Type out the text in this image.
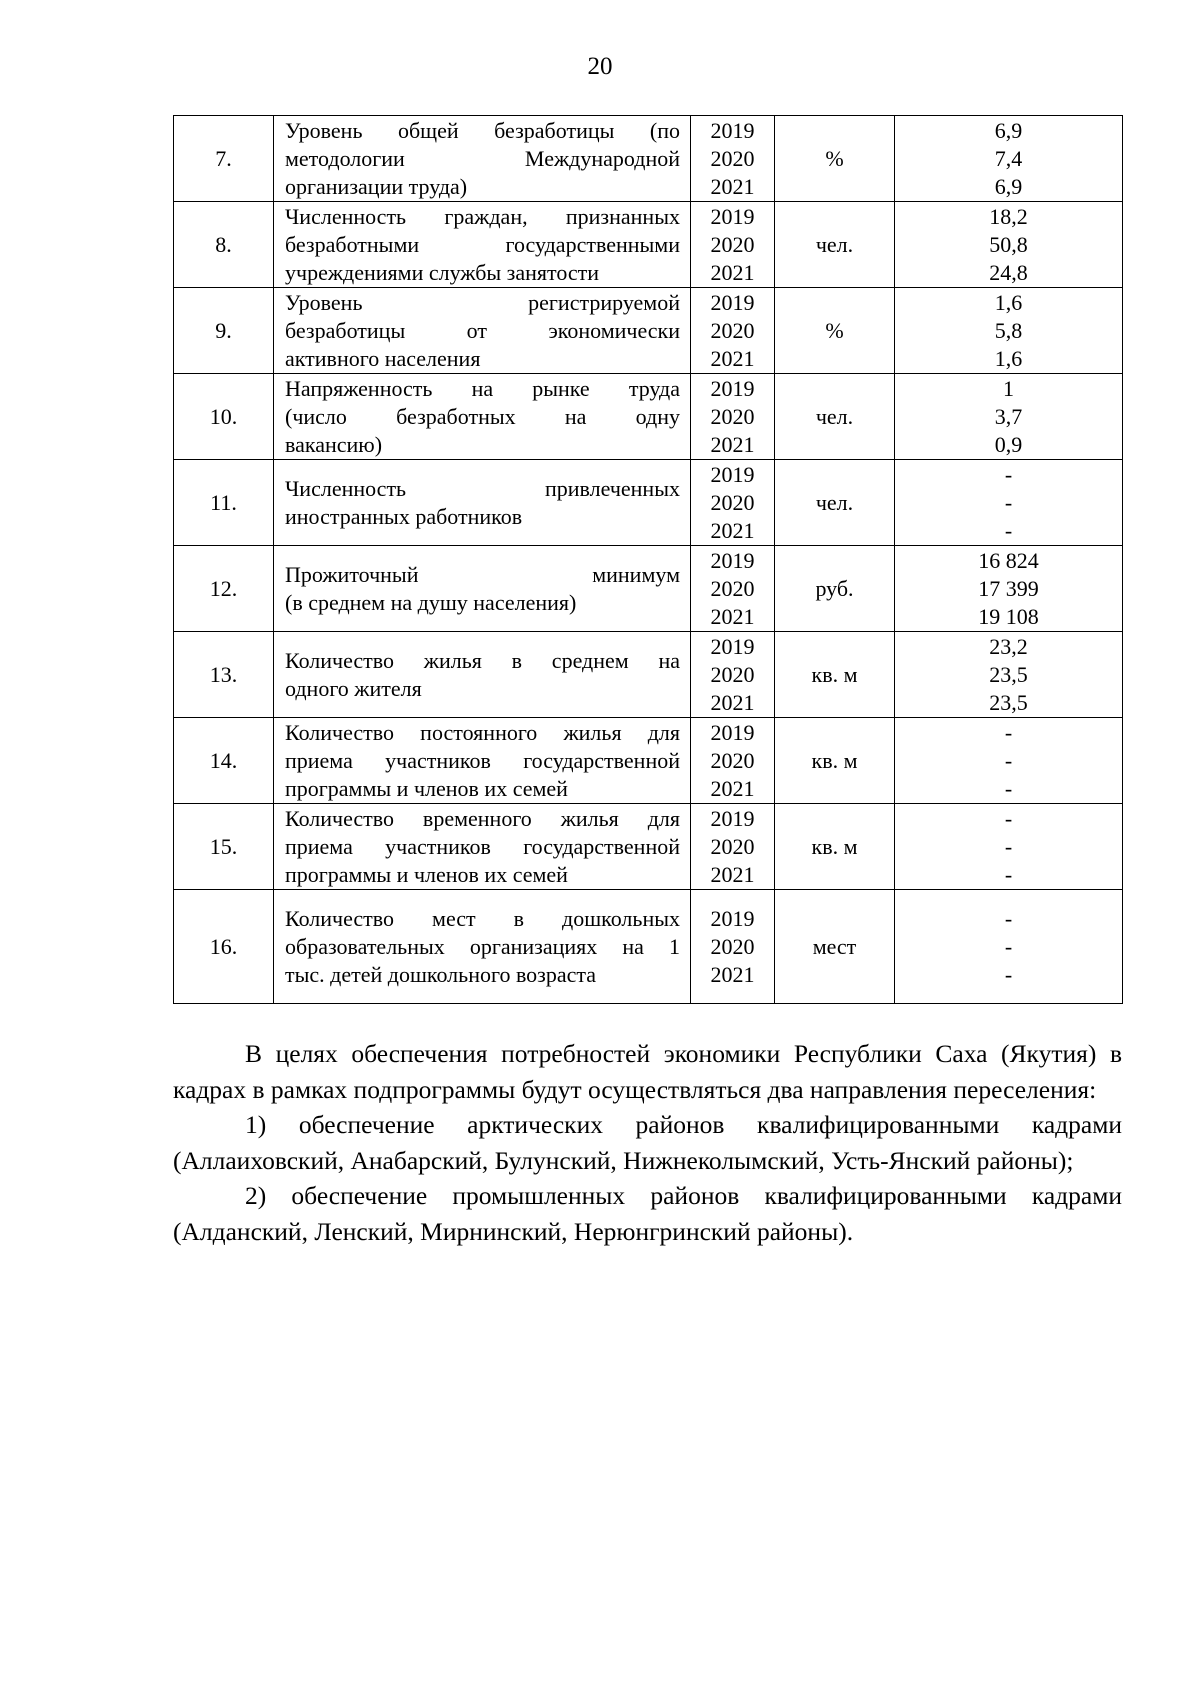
20
7.	Уровень общей безработицы (по
методологии Международной
организации труда)	2019
2020
2021	%	6,9
7,4
6,9

8.	Численность граждан, признанных
безработными государственными
учреждениями службы занятости	2019
2020
2021	чел.	18,2
50,8
24,8

9.	Уровень регистрируемой
безработицы от экономически
активного населения	2019
2020
2021	%	1,6
5,8
1,6

10.	Напряженность на рынке труда
(число безработных на одну
вакансию)	2019
2020
2021	чел.	1
3,7
0,9

11.	Численность привлеченных
иностранных работников	2019
2020
2021	чел.	-
-
-

12.	Прожиточный минимум
(в среднем на душу населения)	2019
2020
2021	руб.	16 824
17 399
19 108

13.	Количество жилья в среднем на
одного жителя	2019
2020
2021	кв. м	23,2
23,5
23,5

14.	Количество постоянного жилья для
приема участников государственной
программы и членов их семей	2019
2020
2021	кв. м	-
-
-

15.	Количество временного жилья для
приема участников государственной
программы и членов их семей	2019
2020
2021	кв. м	-
-
-

16.	Количество мест в дошкольных
образовательных организациях на 1
тыс. детей дошкольного возраста	2019
2020
2021	мест	-
-
-

В целях обеспечения потребностей экономики Республики Саха (Якутия) в кадрах в рамках подпрограммы будут осуществляться два направления переселения:

1) обеспечение арктических районов квалифицированными кадрами (Аллаиховский, Анабарский, Булунский, Нижнеколымский, Усть-Янский районы);

2) обеспечение промышленных районов квалифицированными кадрами (Алданский, Ленский, Мирнинский, Нерюнгринский районы).
